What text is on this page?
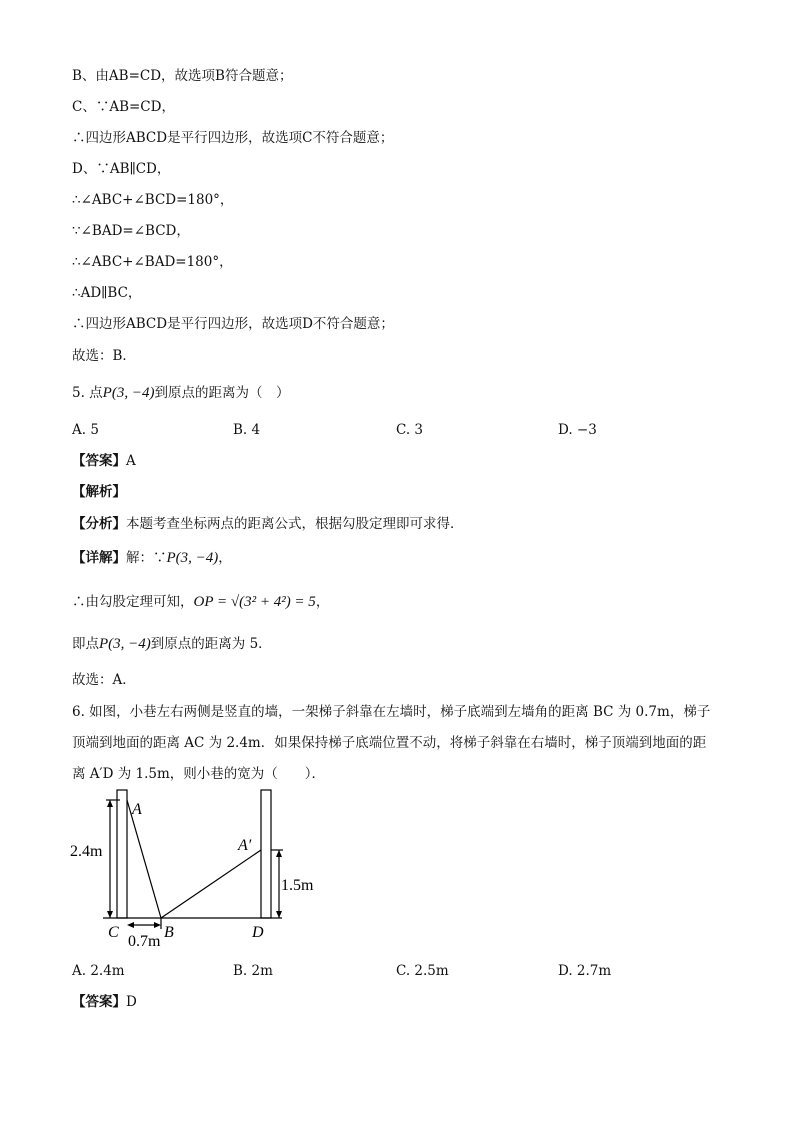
B、由AB=CD，故选项B符合题意；
C、∵AB=CD，
∴四边形ABCD是平行四边形，故选项C不符合题意；
D、∵AB∥CD，
∴∠ABC+∠BCD=180°，
∵∠BAD=∠BCD，
∴∠ABC+∠BAD=180°，
∴AD∥BC，
∴四边形ABCD是平行四边形，故选项D不符合题意；
故选：B．
5. 点P(3, −4)到原点的距离为（　）
A. 5	B. 4	C. 3	D. −3
【答案】A
【解析】
【分析】本题考查坐标两点的距离公式，根据勾股定理即可求得．
【详解】解：∵P(3, −4)，
∴由勾股定理可知，OP = √(3² + 4²) = 5，
即点P(3, −4)到原点的距离为 5．
故选：A．
6. 如图，小巷左右两侧是竖直的墙，一架梯子斜靠在左墙时，梯子底端到左墙角的距离 BC 为 0.7m，梯子
顶端到地面的距离 AC 为 2.4m．如果保持梯子底端位置不动，将梯子斜靠在右墙时，梯子顶端到地面的距
离 A′D 为 1.5m，则小巷的宽为（　　）．
A
A′
2.4m
1.5m
C	B	D
0.7m
A. 2.4m	B. 2m	C. 2.5m	D. 2.7m
【答案】D
